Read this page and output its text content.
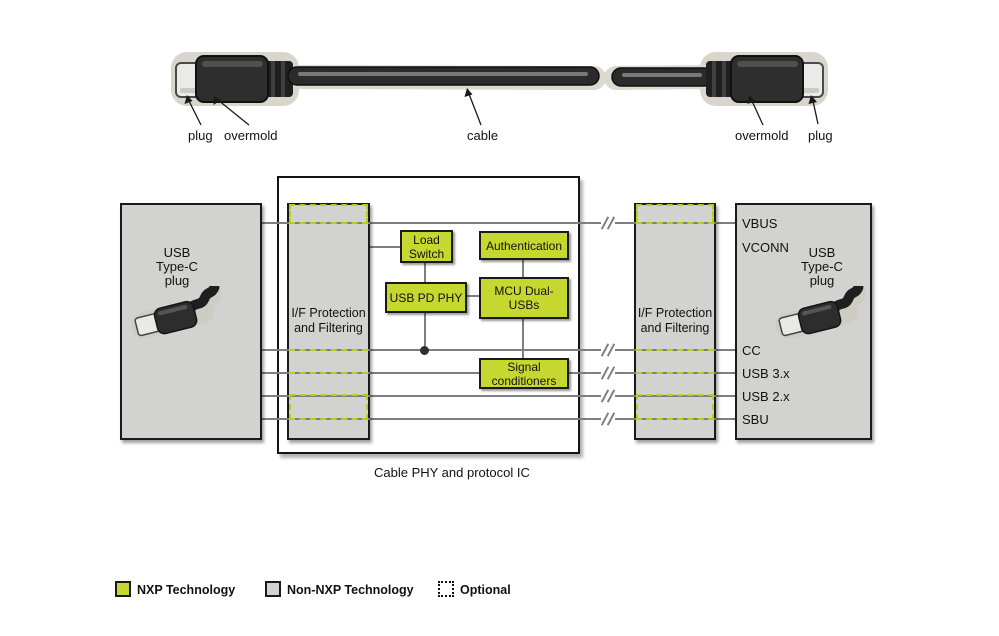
plug overmold	cable	overmold plug
USB
Type-C
plug
I/F Protection
and Filtering
Load
Switch
Authentication
USB PD PHY	MCU Dual-
USBs
Signal
conditioners
I/F Protection
and Filtering
VBUS
VCONN
CC
USB 3.x
USB 2.x
SBU
USB
Type-C
plug
Cable PHY and protocol IC
NXP Technology	Non-NXP Technology	Optional
